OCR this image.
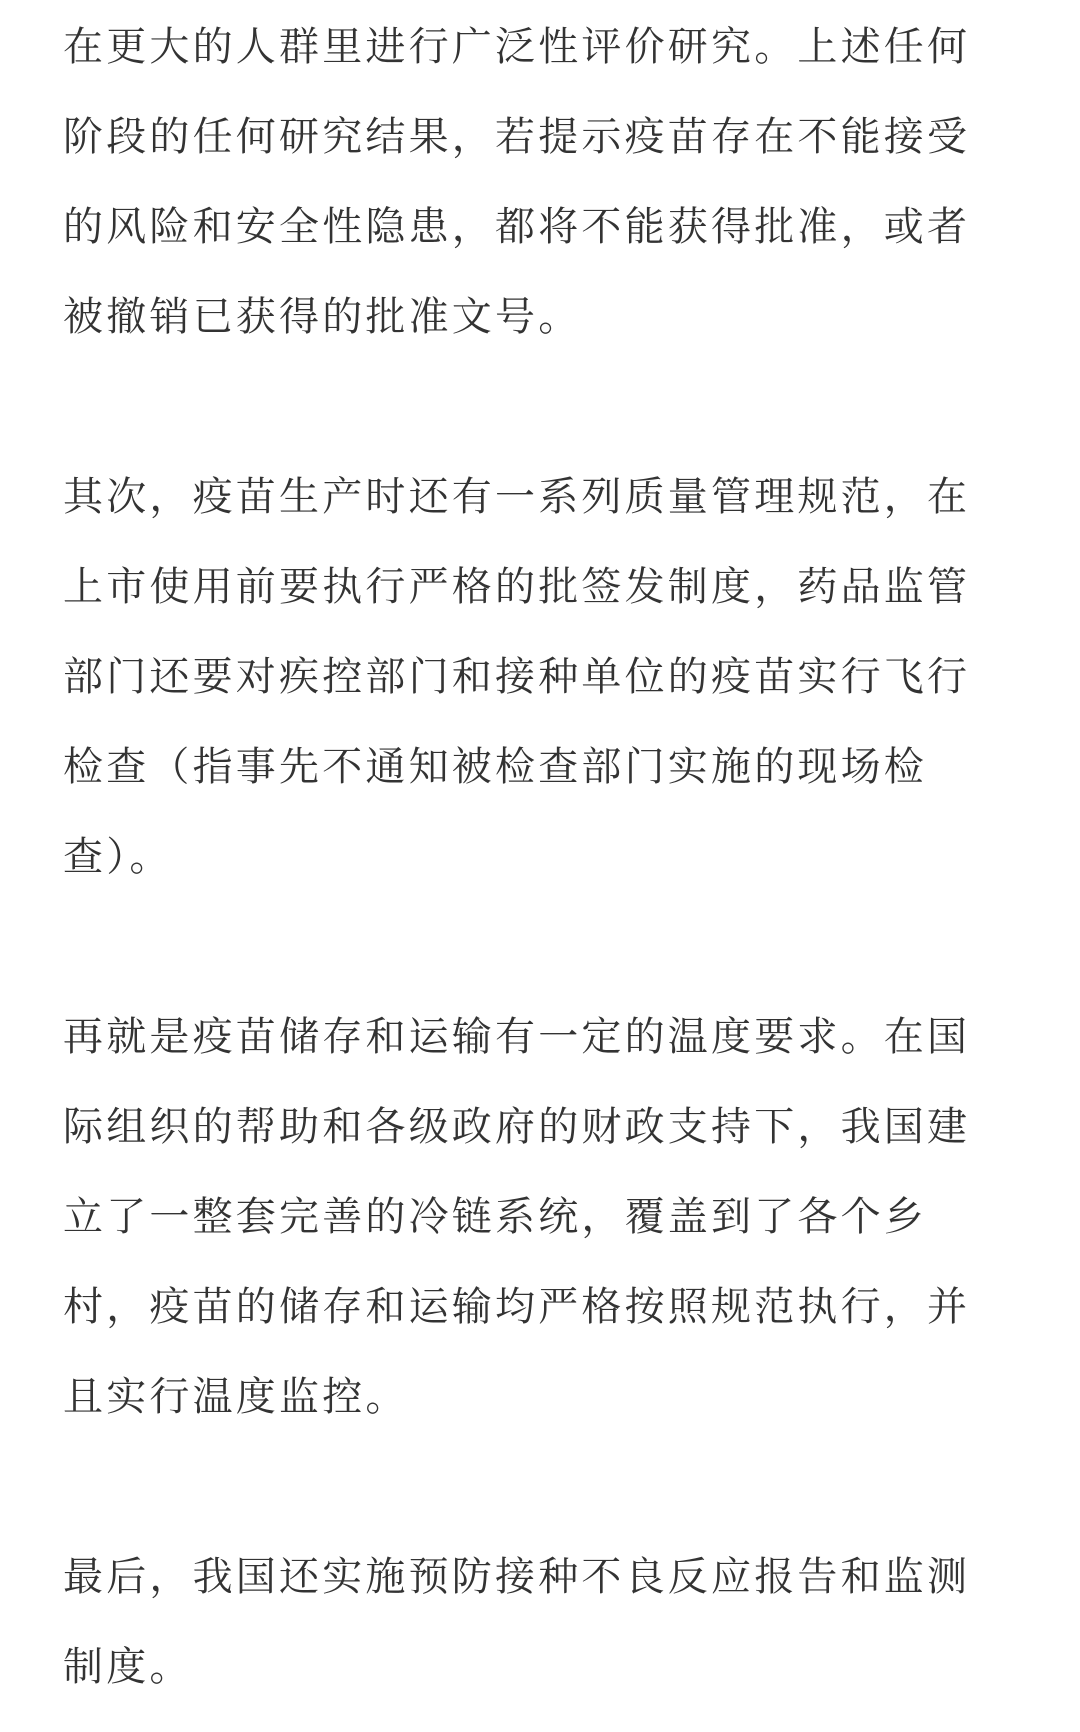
在更大的人群里进行广泛性评价研究。上述任何
阶段的任何研究结果，若提示疫苗存在不能接受
的风险和安全性隐患，都将不能获得批准，或者
被撤销已获得的批准文号。

其次，疫苗生产时还有一系列质量管理规范，在
上市使用前要执行严格的批签发制度，药品监管
部门还要对疾控部门和接种单位的疫苗实行飞行
检查（指事先不通知被检查部门实施的现场检
查）。

再就是疫苗储存和运输有一定的温度要求。在国
际组织的帮助和各级政府的财政支持下，我国建
立了一整套完善的冷链系统，覆盖到了各个乡
村，疫苗的储存和运输均严格按照规范执行，并
且实行温度监控。

最后，我国还实施预防接种不良反应报告和监测
制度。
